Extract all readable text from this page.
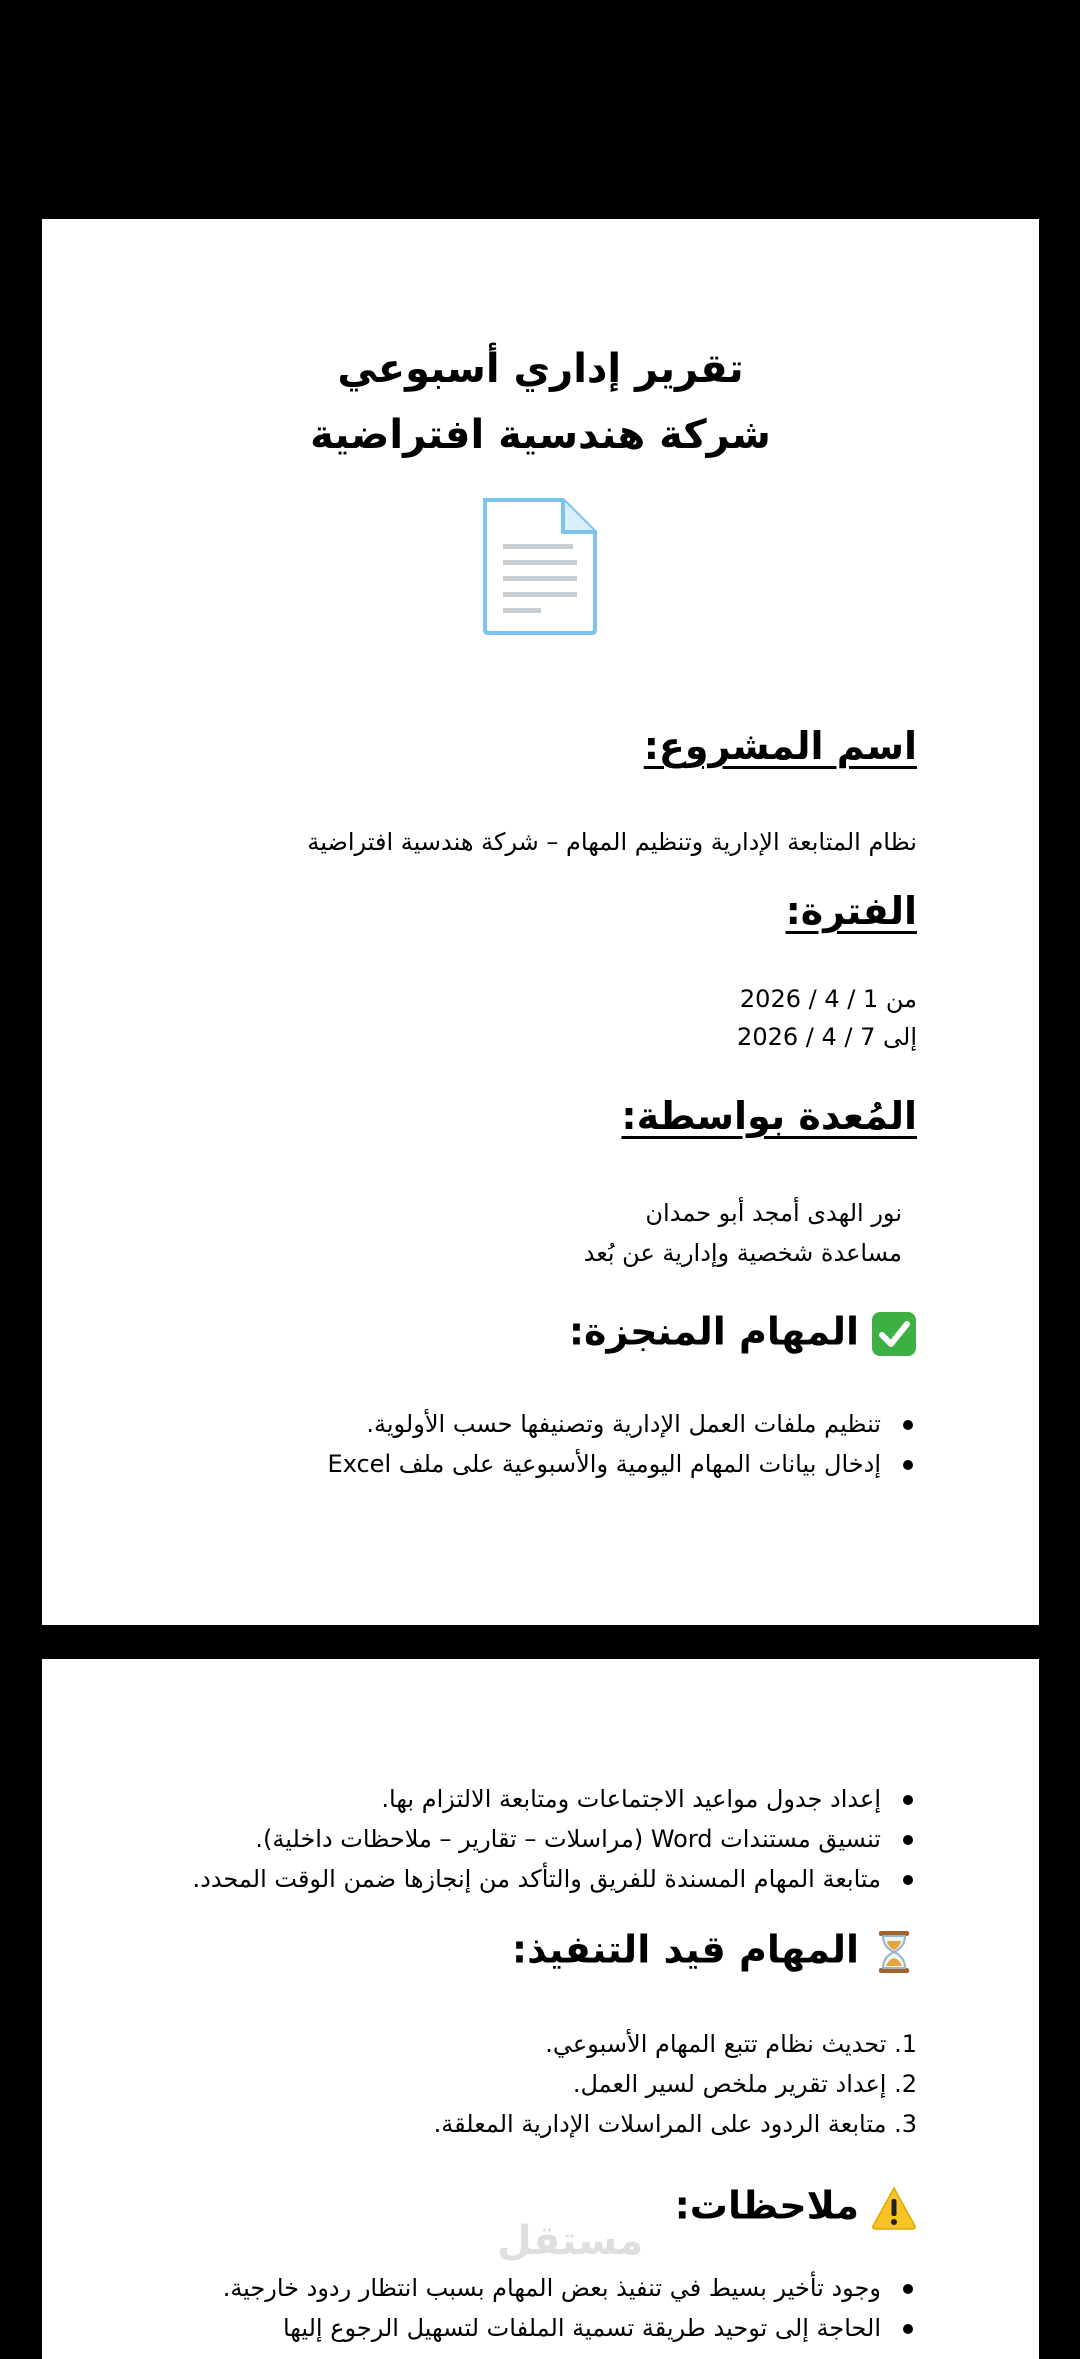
تقرير إداري أسبوعي
شركة هندسية افتراضية
اسم المشروع:
نظام المتابعة الإدارية وتنظيم المهام – شركة هندسية افتراضية
الفترة:
من 1 / 4 / 2026
إلى 7 / 4 / 2026
المُعدة بواسطة:
نور الهدى أمجد أبو حمدان
مساعدة شخصية وإدارية عن بُعد
المهام المنجزة:
تنظيم ملفات العمل الإدارية وتصنيفها حسب الأولوية.
إدخال بيانات المهام اليومية والأسبوعية على ملف Excel
إعداد جدول مواعيد الاجتماعات ومتابعة الالتزام بها.
تنسيق مستندات Word (مراسلات – تقارير – ملاحظات داخلية).
متابعة المهام المسندة للفريق والتأكد من إنجازها ضمن الوقت المحدد.
المهام قيد التنفيذ:
1. تحديث نظام تتبع المهام الأسبوعي.
2. إعداد تقرير ملخص لسير العمل.
3. متابعة الردود على المراسلات الإدارية المعلقة.
ملاحظات:
وجود تأخير بسيط في تنفيذ بعض المهام بسبب انتظار ردود خارجية.
الحاجة إلى توحيد طريقة تسمية الملفات لتسهيل الرجوع إليها
مستقل
